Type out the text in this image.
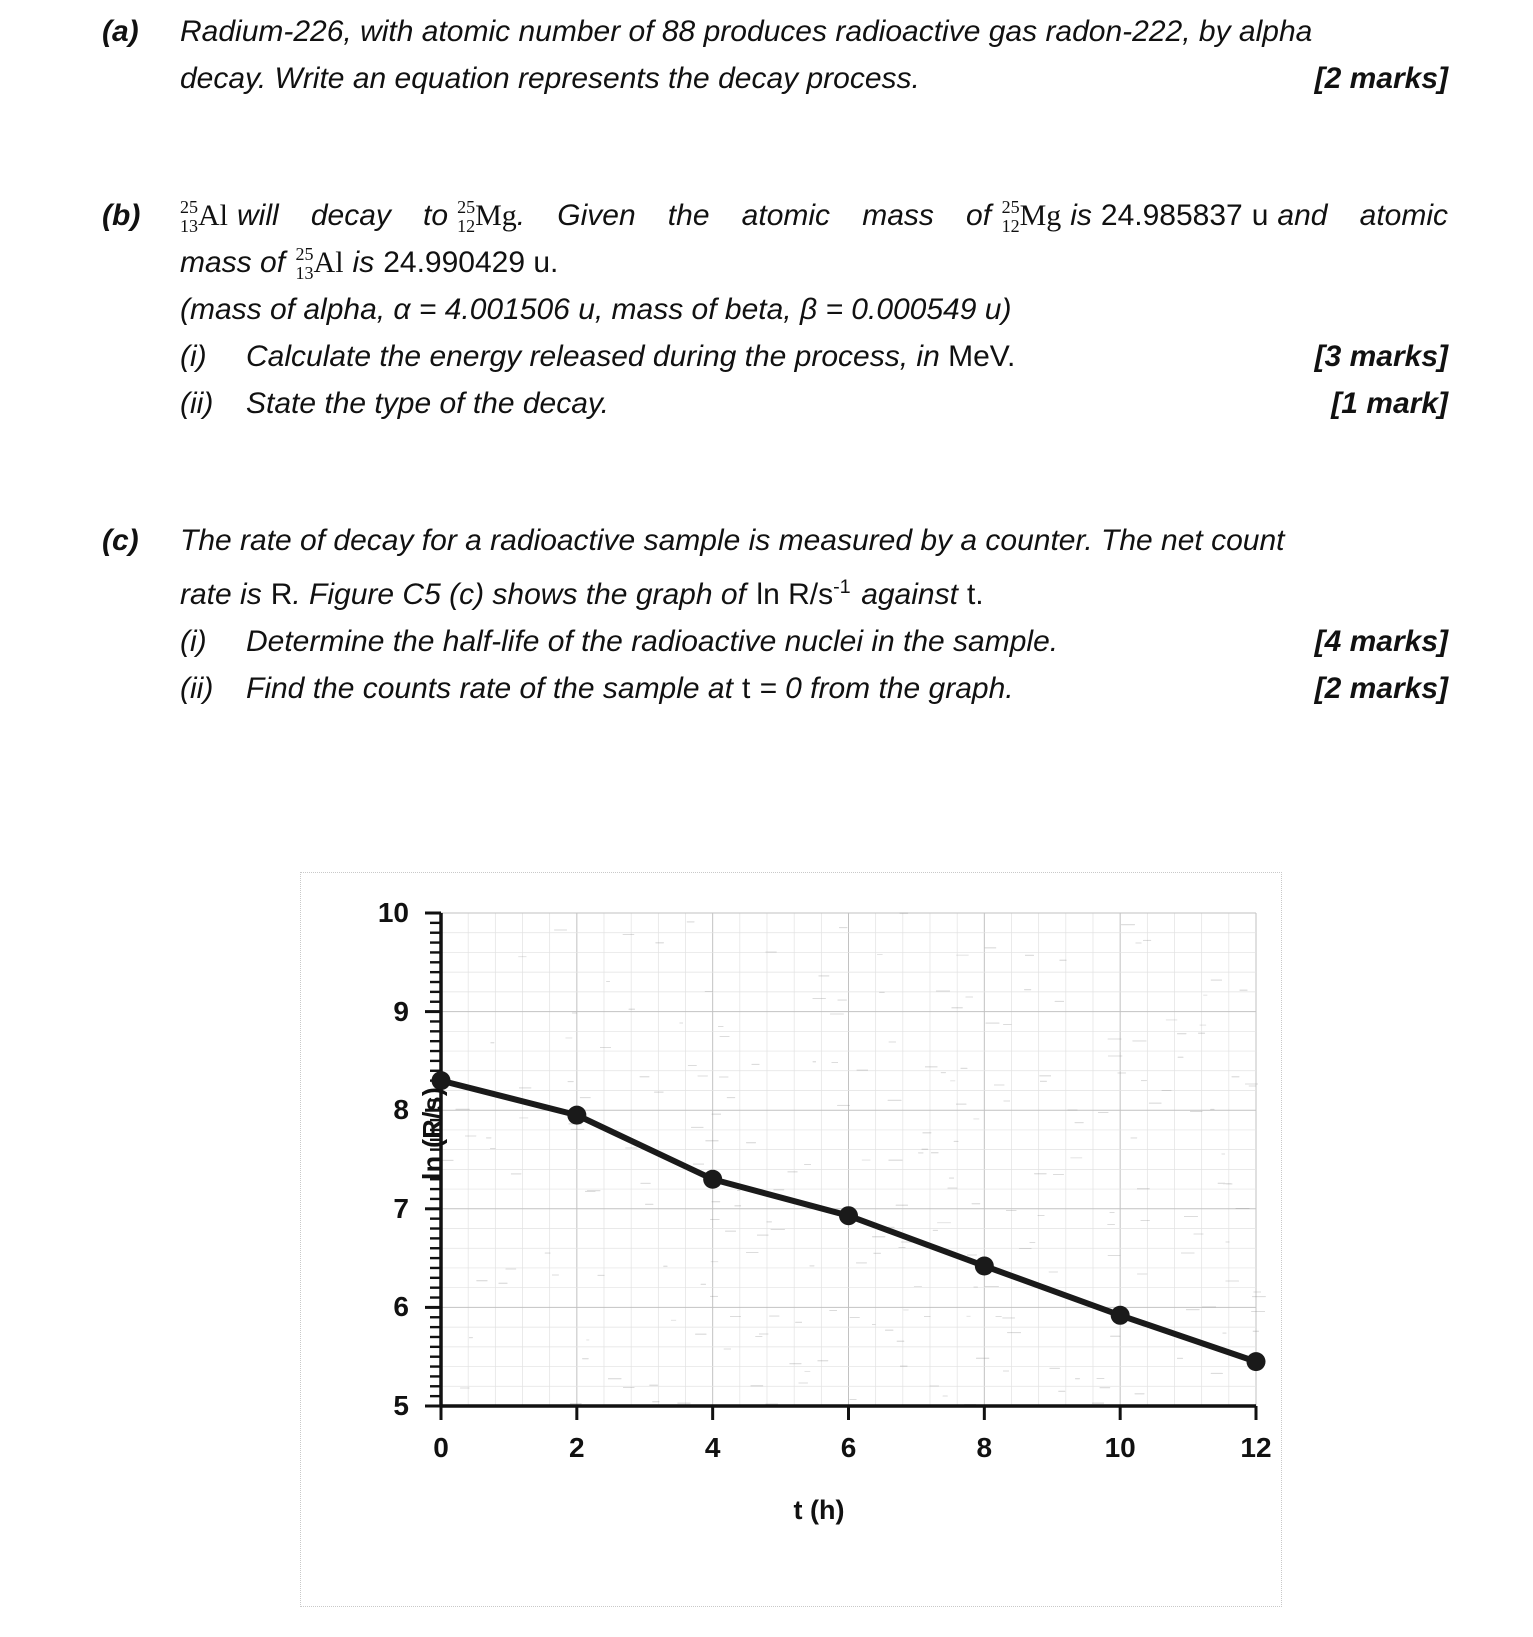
(a)	Radium-226, with atomic number of 88 produces radioactive gas radon-222, by alpha
[2 marks]
decay. Write an equation represents the decay process.
(b)	25
13 Al will decay to 25
12 Mg. Given the atomic mass of 25
12 Mg is 24.985837 u and atomic
mass of 25
13 Al is 24.990429 u.
(mass of alpha, α = 4.001506 u, mass of beta, β = 0.000549 u)
(i)	Calculate the energy released during the process, in MeV.	[3 marks]
(ii)	State the type of the decay.	[1 mark]
(c)	The rate of decay for a radioactive sample is measured by a counter. The net count
rate is R. Figure C5 (c) shows the graph of $\ln R/s^{-1}$ against t.
(i)	Determine the half-life of the radioactive nuclei in the sample.	[4 marks]
(ii)	Find the counts rate of the sample at t = 0 from the graph.	[2 marks]
ln (R/s)
t (h)
5
6
7
8
9
10
0	2	4	6	8	10	12
